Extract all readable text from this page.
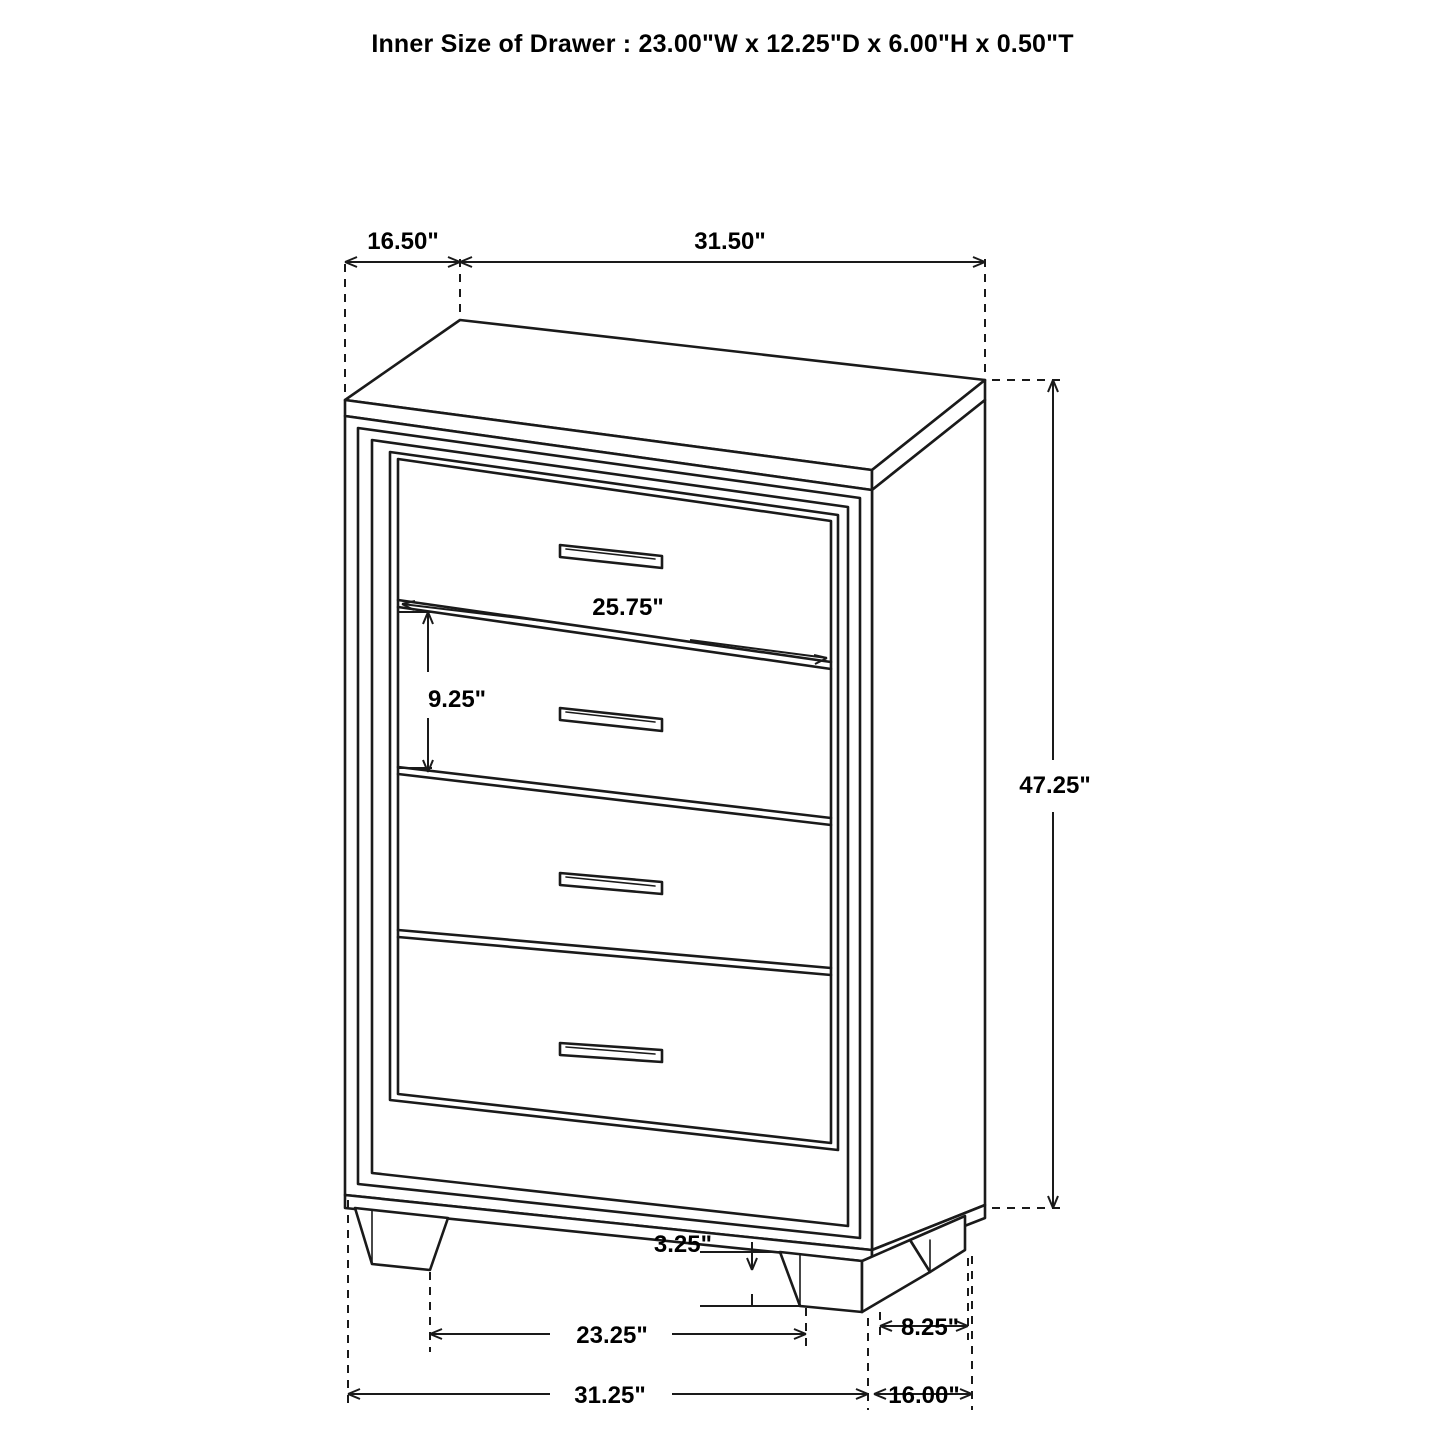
Inner Size of Drawer : 23.00"W x 12.25"D x 6.00"H x 0.50"T
16.50"	31.50"
47.25"
25.75"
9.25"
3.25"
23.25"	8.25"
31.25"	16.00"
